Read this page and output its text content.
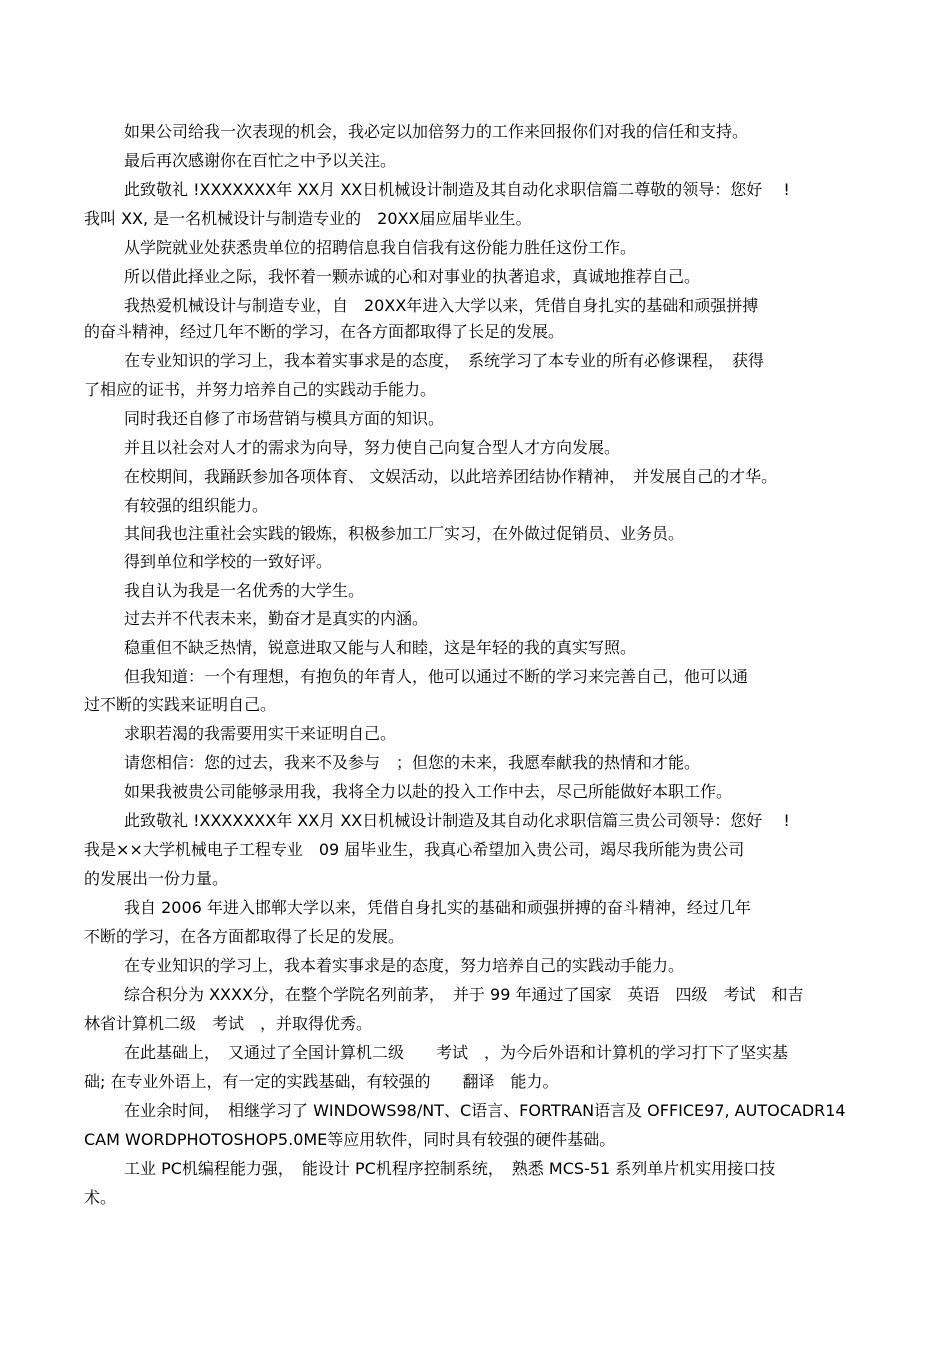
如果公司给我一次表现的机会，我必定以加倍努力的工作来回报你们对我的信任和支持。
最后再次感谢你在百忙之中予以关注。
此致敬礼 !XXXXXXX年 XX月 XX日机械设计制造及其自动化求职信篇二尊敬的领导：您好　 !
我叫 XX, 是一名机械设计与制造专业的　20XX届应届毕业生。
从学院就业处获悉贵单位的招聘信息我自信我有这份能力胜任这份工作。
所以借此择业之际，我怀着一颗赤诚的心和对事业的执著追求，真诚地推荐自己。
我热爱机械设计与制造专业，自　20XX年进入大学以来，凭借自身扎实的基础和顽强拼搏
的奋斗精神，经过几年不断的学习，在各方面都取得了长足的发展。
在专业知识的学习上，我本着实事求是的态度，　系统学习了本专业的所有必修课程，　获得
了相应的证书，并努力培养自己的实践动手能力。
同时我还自修了市场营销与模具方面的知识。
并且以社会对人才的需求为向导，努力使自己向复合型人才方向发展。
在校期间，我踊跃参加各项体育、 文娱活动，以此培养团结协作精神，　并发展自己的才华。
有较强的组织能力。
其间我也注重社会实践的锻炼，积极参加工厂实习，在外做过促销员、业务员。
得到单位和学校的一致好评。
我自认为我是一名优秀的大学生。
过去并不代表未来，勤奋才是真实的内涵。
稳重但不缺乏热情，锐意进取又能与人和睦，这是年轻的我的真实写照。
但我知道：一个有理想，有抱负的年青人，他可以通过不断的学习来完善自己，他可以通
过不断的实践来证明自己。
求职若渴的我需要用实干来证明自己。
请您相信：您的过去，我来不及参与　；但您的未来，我愿奉献我的热情和才能。
如果我被贵公司能够录用我，我将全力以赴的投入工作中去，尽己所能做好本职工作。
此致敬礼 !XXXXXXX年 XX月 XX日机械设计制造及其自动化求职信篇三贵公司领导：您好　 !
我是××大学机械电子工程专业　09 届毕业生，我真心希望加入贵公司，竭尽我所能为贵公司
的发展出一份力量。
我自 2006 年进入邯郸大学以来，凭借自身扎实的基础和顽强拼搏的奋斗精神，经过几年
不断的学习，在各方面都取得了长足的发展。
在专业知识的学习上，我本着实事求是的态度，努力培养自己的实践动手能力。
综合积分为 XXXX分，在整个学院名列前茅，　并于 99 年通过了国家　英语　四级　考试　和吉
林省计算机二级　考试　，并取得优秀。
在此基础上，　又通过了全国计算机二级　　考试　，为今后外语和计算机的学习打下了坚实基
础; 在专业外语上，有一定的实践基础，有较强的　　翻译　能力。
在业余时间，　相继学习了 WINDOWS98/NT、C语言、FORTRAN语言及 OFFICE97, AUTOCADR14
CAM WORDPHOTOSHOP5.0ME等应用软件，同时具有较强的硬件基础。
工业 PC机编程能力强，　能设计 PC机程序控制系统，　熟悉 MCS-51 系列单片机实用接口技
术。
